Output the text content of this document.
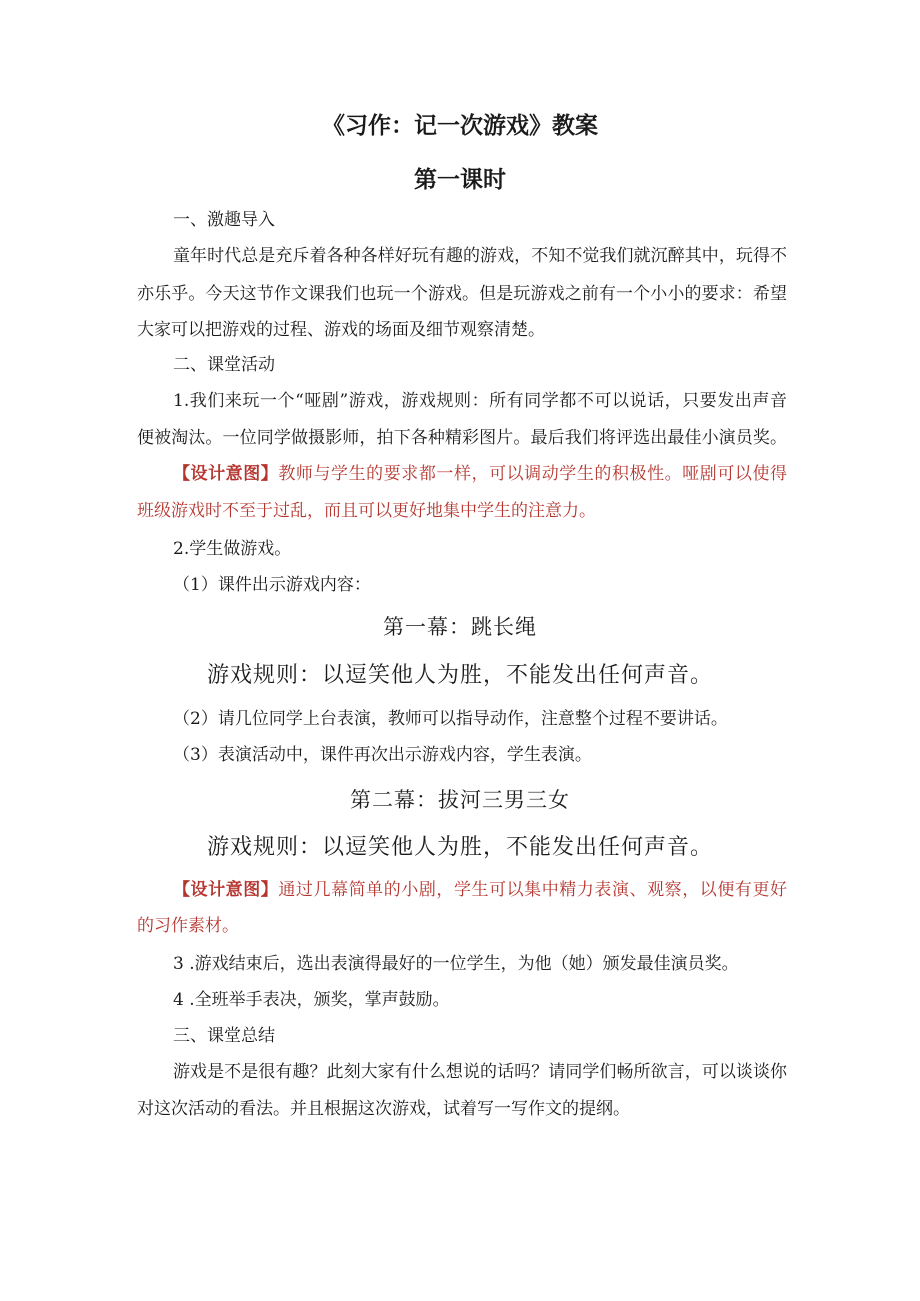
《习作：记一次游戏》教案
第一课时
一、激趣导入
童年时代总是充斥着各种各样好玩有趣的游戏，不知不觉我们就沉醉其中，玩得不
亦乐乎。今天这节作文课我们也玩一个游戏。但是玩游戏之前有一个小小的要求：希望
大家可以把游戏的过程、游戏的场面及细节观察清楚。
二、课堂活动
1.我们来玩一个“哑剧”游戏，游戏规则：所有同学都不可以说话，只要发出声音
便被淘汰。一位同学做摄影师，拍下各种精彩图片。最后我们将评选出最佳小演员奖。
【设计意图】教师与学生的要求都一样，可以调动学生的积极性。哑剧可以使得
班级游戏时不至于过乱，而且可以更好地集中学生的注意力。
2.学生做游戏。
（1）课件出示游戏内容：
第一幕：跳长绳
游戏规则：以逗笑他人为胜，不能发出任何声音。
（2）请几位同学上台表演，教师可以指导动作，注意整个过程不要讲话。
（3）表演活动中，课件再次出示游戏内容，学生表演。
第二幕：拔河三男三女
游戏规则：以逗笑他人为胜，不能发出任何声音。
【设计意图】通过几幕简单的小剧，学生可以集中精力表演、观察，以便有更好
的习作素材。
3 .游戏结束后，选出表演得最好的一位学生，为他（她）颁发最佳演员奖。
4 .全班举手表决，颁奖，掌声鼓励。
三、课堂总结
游戏是不是很有趣？此刻大家有什么想说的话吗？请同学们畅所欲言，可以谈谈你
对这次活动的看法。并且根据这次游戏，试着写一写作文的提纲。
